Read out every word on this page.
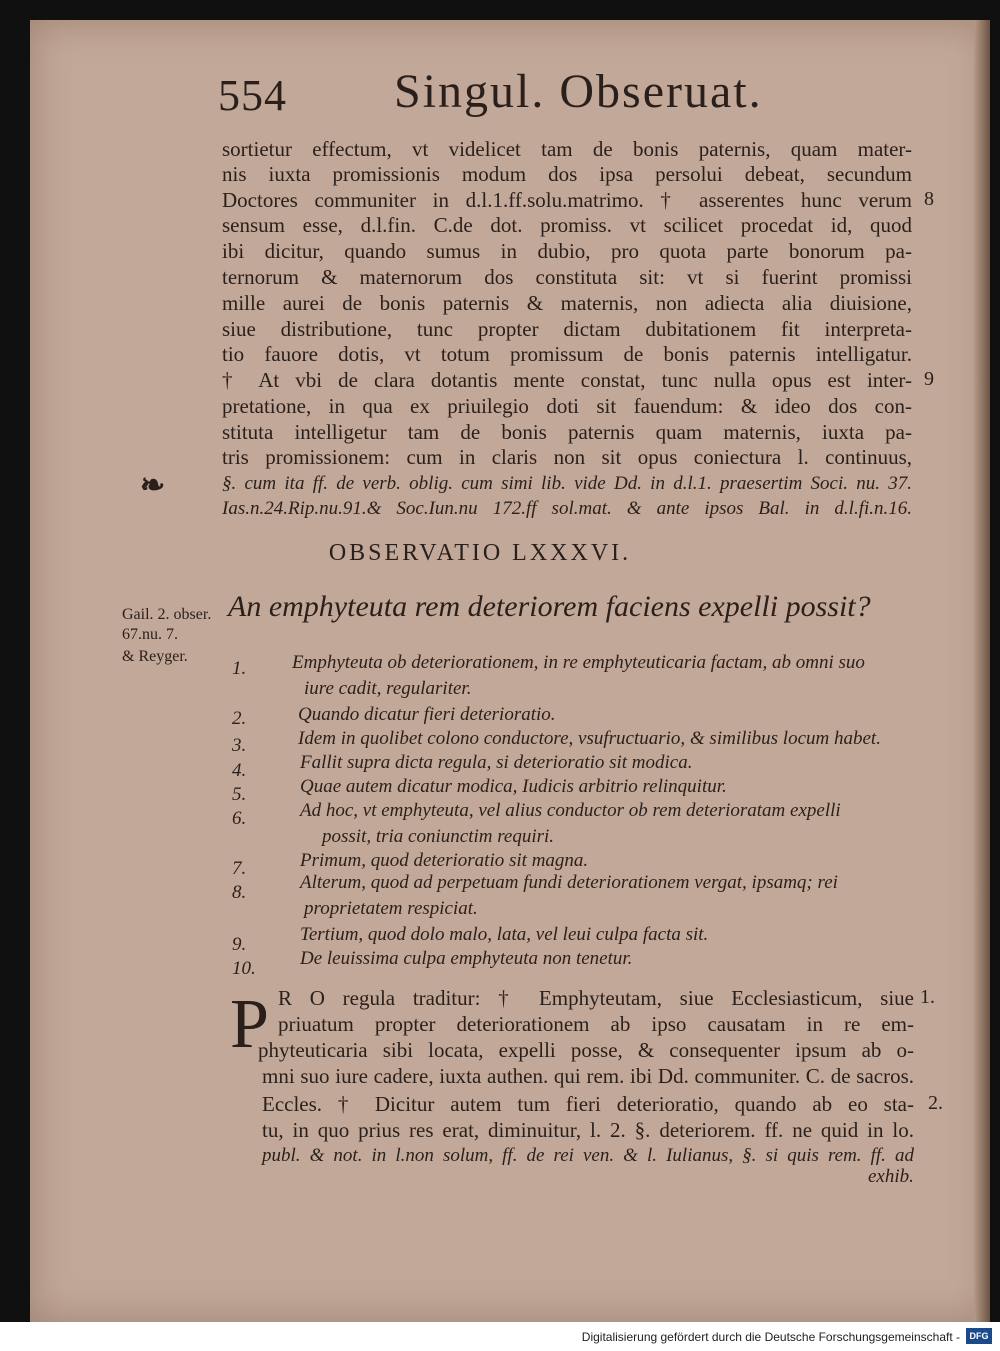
554 Singul. Obseruat.
sortietur effectum, vt videlicet tam de bonis paternis, quam mater-
nis iuxta promissionis modum dos ipsa persolui debeat, secundum
Doctores communiter in d.l.1.ff.solu.matrimo. † asserentes hunc verum
sensum esse, d.l.fin. C.de dot. promiss. vt scilicet procedat id, quod
ibi dicitur, quando sumus in dubio, pro quota parte bonorum pa-
ternorum & maternorum dos constituta sit: vt si fuerint promissi
mille aurei de bonis paternis & maternis, non adiecta alia diuisione,
siue distributione, tunc propter dictam dubitationem fit interpreta-
tio fauore dotis, vt totum promissum de bonis paternis intelligatur.
† At vbi de clara dotantis mente constat, tunc nulla opus est inter-
pretatione, in qua ex priuilegio doti sit fauendum: & ideo dos con-
stituta intelligetur tam de bonis paternis quam maternis, iuxta pa-
tris promissionem: cum in claris non sit opus coniectura l. continuus,
§. cum ita ff. de verb. oblig. cum simi lib. vide Dd. in d.l.1. praesertim Soci. nu. 37.
Ias.n.24.Rip.nu.91.& Soc.Iun.nu 172.ff sol.mat. & ante ipsos Bal. in d.l.fi.n.16.
8
9
❧
OBSERVATIO LXXXVI.
An emphyteuta rem deteriorem faciens expelli possit?
Gail. 2. obser.
67.nu. 7.
& Reyger.
1.	Emphyteuta ob deteriorationem, in re emphyteuticaria factam, ab omni suo
iure cadit, regulariter.
2.	Quando dicatur fieri deterioratio.
3.	Idem in quolibet colono conductore, vsufructuario, & similibus locum habet.
4.	Fallit supra dicta regula, si deterioratio sit modica.
5.	Quae autem dicatur modica, Iudicis arbitrio relinquitur.
6.	Ad hoc, vt emphyteuta, vel alius conductor ob rem deterioratam expelli
possit, tria coniunctim requiri.
7.	Primum, quod deterioratio sit magna.
8.	Alterum, quod ad perpetuam fundi deteriorationem vergat, ipsamq; rei
proprietatem respiciat.
9.	Tertium, quod dolo malo, lata, vel leui culpa facta sit.
10.	De leuissima culpa emphyteuta non tenetur.
P R O regula traditur: † Emphyteutam, siue Ecclesiasticum, siue
priuatum propter deteriorationem ab ipso causatam in re em-
phyteuticaria sibi locata, expelli posse, & consequenter ipsum ab o-
mni suo iure cadere, iuxta authen. qui rem. ibi Dd. communiter. C. de sacros.
Eccles. † Dicitur autem tum fieri deterioratio, quando ab eo sta-
tu, in quo prius res erat, diminuitur, l. 2. §. deteriorem. ff. ne quid in lo.
publ. & not. in l.non solum, ff. de rei ven. & l. Iulianus, §. si quis rem. ff. ad
exhib.
1.
2.
Digitalisierung gefördert durch die Deutsche Forschungsgemeinschaft -	DFG
